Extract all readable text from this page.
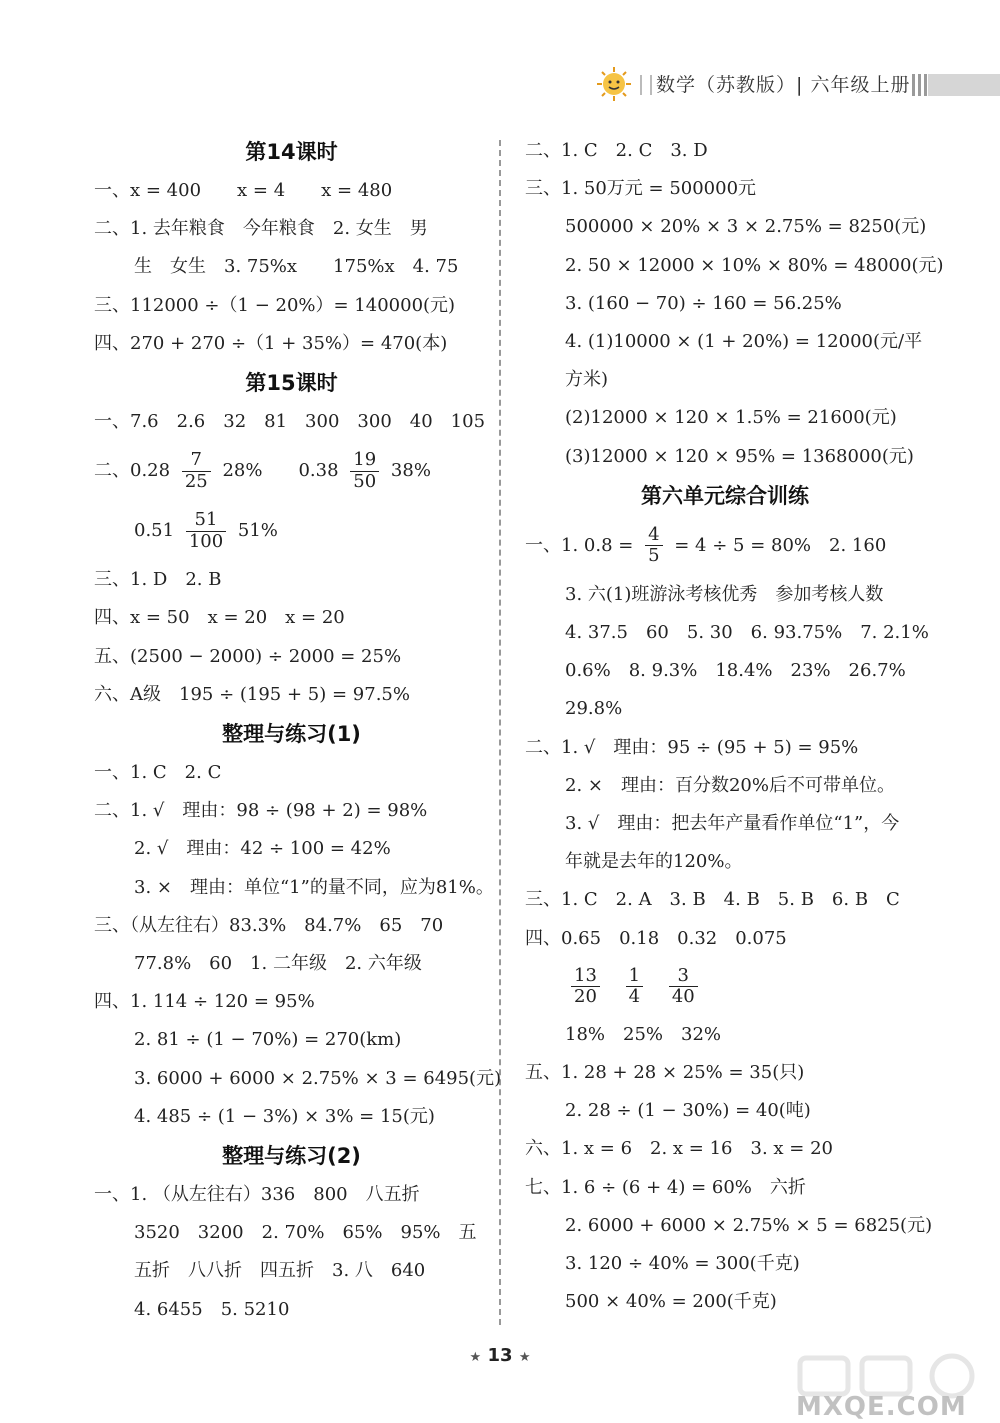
数学（苏教版）| 六年级上册
第14课时
一、x = 400　　x = 4　　x = 480
二、1. 去年粮食　今年粮食　2. 女生　男
生　女生　3. 75%x　　175%x　4. 75
三、112000 ÷（1 − 20%）= 140000(元)
四、270 + 270 ÷（1 + 35%）= 470(本)
第15课时
一、7.6　2.6　32　81　300　300　40　105
二、$0.28 \frac{7}{25} 28\%$　　$0.38 \frac{19}{50} 38\%$
$0.51 \frac{51}{100} 51\%$
三、1. D　2. B
四、x = 50　x = 20　x = 20
五、(2500 − 2000) ÷ 2000 = 25%
六、A级　195 ÷ (195 + 5) = 97.5%
整理与练习(1)
一、1. C　2. C
二、1. √　理由：98 ÷ (98 + 2) = 98%
2. √　理由：42 ÷ 100 = 42%
3. ×　理由：单位“1”的量不同，应为81%。
三、（从左往右）83.3%　84.7%　65　70
77.8%　60　1. 二年级　2. 六年级
四、1. 114 ÷ 120 = 95%
2. 81 ÷ (1 − 70%) = 270(km)
3. 6000 + 6000 × 2.75% × 3 = 6495(元)
4. 485 ÷ (1 − 3%) × 3% = 15(元)
整理与练习(2)
一、1. （从左往右）336　800　八五折
3520　3200　2. 70%　65%　95%　五
五折　八八折　四五折　3. 八　640
4. 6455　5. 5210
二、1. C　2. C　3. D
三、1. 50万元 = 500000元
500000 × 20% × 3 × 2.75% = 8250(元)
2. 50 × 12000 × 10% × 80% = 48000(元)
3. (160 − 70) ÷ 160 = 56.25%
4. (1)10000 × (1 + 20%) = 12000(元/平
方米)
(2)12000 × 120 × 1.5% = 21600(元)
(3)12000 × 120 × 95% = 1368000(元)
第六单元综合训练
一、1. $0.8 = \frac{4}{5} = 4 \div 5 = 80\%$　2. 160
3. 六(1)班游泳考核优秀　参加考核人数
4. 37.5　60　5. 30　6. 93.75%　7. 2.1%
0.6%　8. 9.3%　18.4%　23%　26.7%
29.8%
二、1. √　理由：95 ÷ (95 + 5) = 95%
2. ×　理由：百分数20%后不可带单位。
3. √　理由：把去年产量看作单位“1”，今
年就是去年的120%。
三、1. C　2. A　3. B　4. B　5. B　6. B　C
四、0.65　0.18　0.32　0.075
$\frac{13}{20}$
$\frac{1}{4}$
$\frac{3}{40}$
18%　25%　32%
五、1. 28 + 28 × 25% = 35(只)
2. 28 ÷ (1 − 30%) = 40(吨)
六、1. x = 6　2. x = 16　3. x = 20
七、1. 6 ÷ (6 + 4) = 60%　六折
2. 6000 + 6000 × 2.75% × 5 = 6825(元)
3. 120 ÷ 40% = 300(千克)
500 × 40% = 200(千克)
★ 13 ★
MXQE.COM
